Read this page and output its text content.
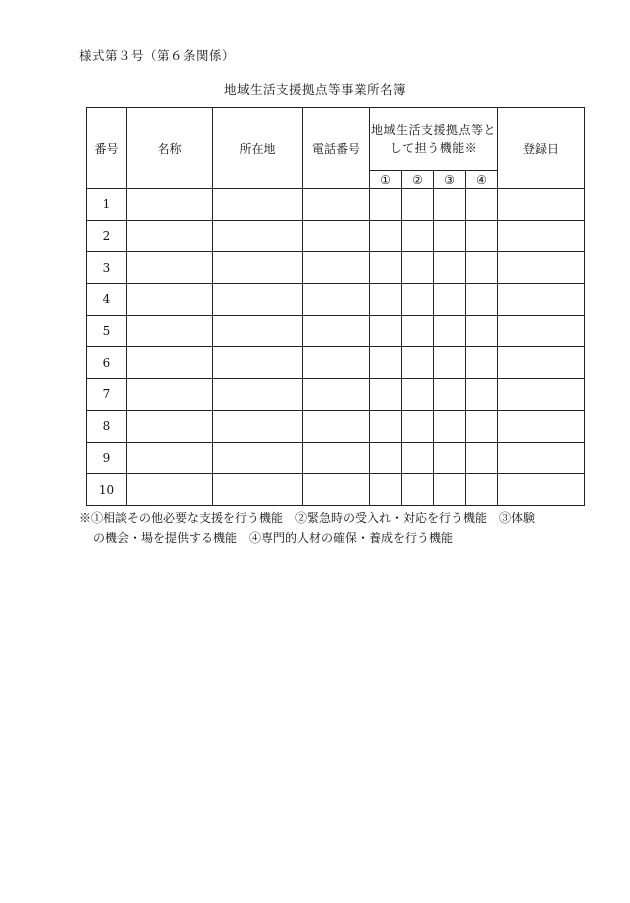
様式第３号（第６条関係）
地域生活支援拠点等事業所名簿
番号	名称	所在地	電話番号	地域生活支援拠点等として担う機能※				登録日
				①	②	③	④	
1								
2								
3								
4								
5								
6								
7								
8								
9								
10								
※①相談その他必要な支援を行う機能　②緊急時の受入れ・対応を行う機能　③体験
の機会・場を提供する機能　④専門的人材の確保・養成を行う機能
